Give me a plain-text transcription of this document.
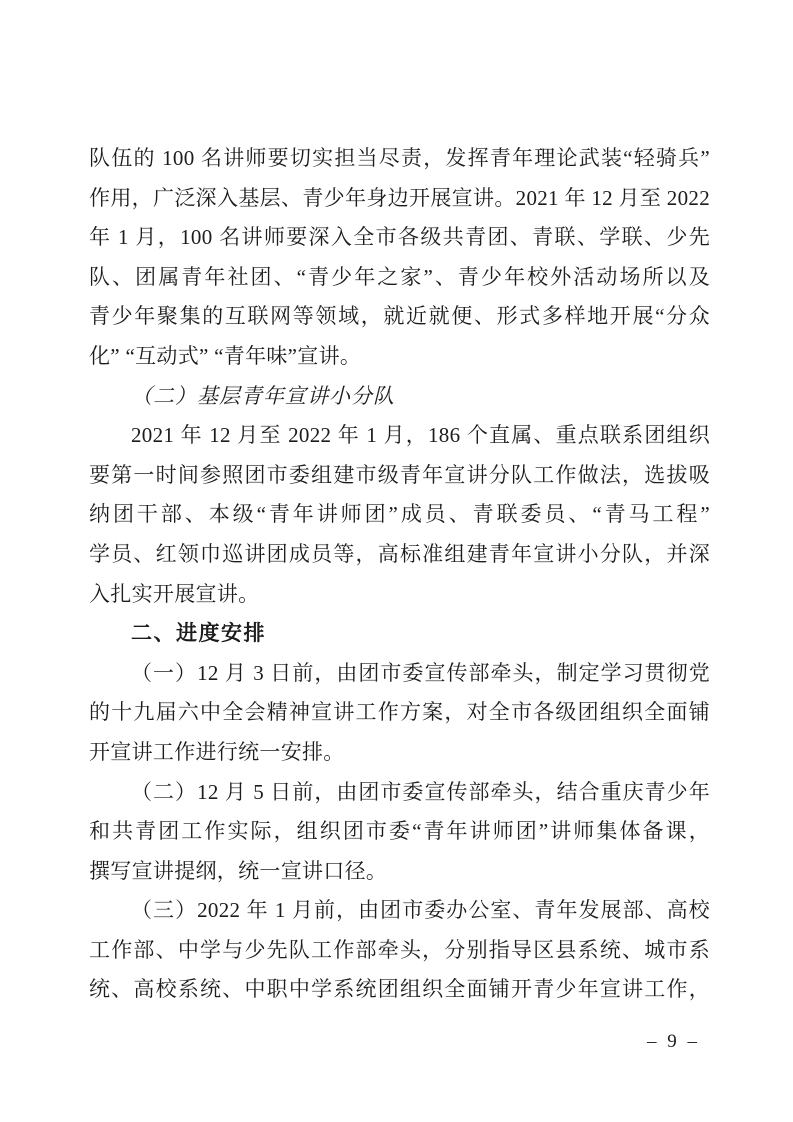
队伍的 100 名讲师要切实担当尽责，发挥青年理论武装“轻骑兵”
作用，广泛深入基层、青少年身边开展宣讲。2021 年 12 月至 2022
年 1 月，100 名讲师要深入全市各级共青团、青联、学联、少先
队、团属青年社团、“青少年之家”、青少年校外活动场所以及
青少年聚集的互联网等领域，就近就便、形式多样地开展“分众
化” “互动式” “青年味”宣讲。
（二）基层青年宣讲小分队
2021 年 12 月至 2022 年 1 月，186 个直属、重点联系团组织
要第一时间参照团市委组建市级青年宣讲分队工作做法，选拔吸
纳团干部、本级“青年讲师团”成员、青联委员、“青马工程”
学员、红领巾巡讲团成员等，高标准组建青年宣讲小分队，并深
入扎实开展宣讲。
二、进度安排
（一）12 月 3 日前，由团市委宣传部牵头，制定学习贯彻党
的十九届六中全会精神宣讲工作方案，对全市各级团组织全面铺
开宣讲工作进行统一安排。
（二）12 月 5 日前，由团市委宣传部牵头，结合重庆青少年
和共青团工作实际，组织团市委“青年讲师团”讲师集体备课，
撰写宣讲提纲，统一宣讲口径。
（三）2022 年 1 月前，由团市委办公室、青年发展部、高校
工作部、中学与少先队工作部牵头，分别指导区县系统、城市系
统、高校系统、中职中学系统团组织全面铺开青少年宣讲工作，
– 9 –
